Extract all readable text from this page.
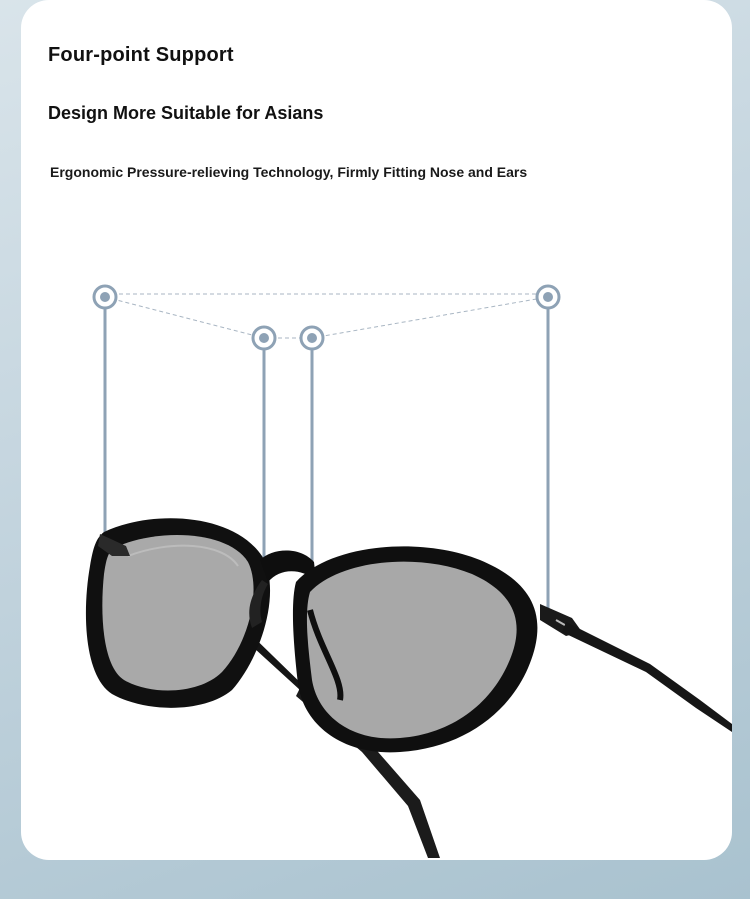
Four-point Support
Design More Suitable for Asians
Ergonomic Pressure-relieving Technology, Firmly Fitting Nose and Ears
